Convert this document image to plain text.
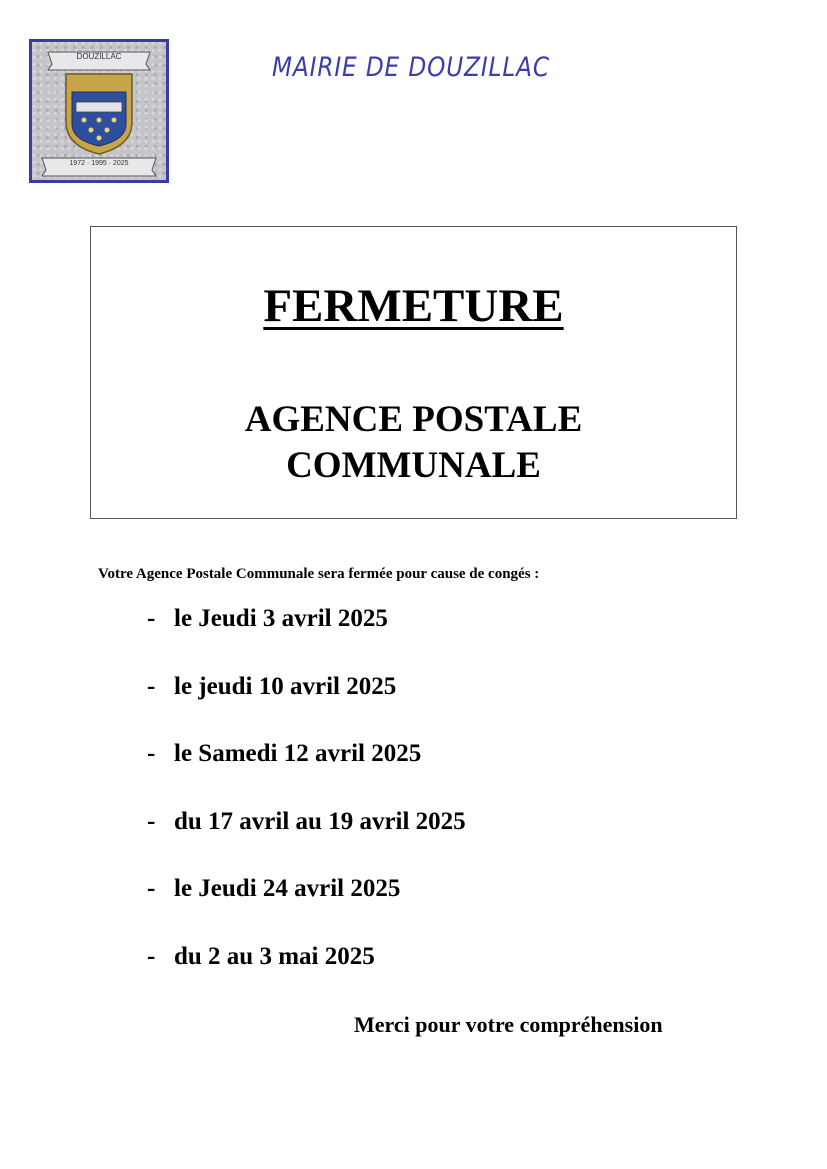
DOUZILLAC
1972 · 1995 · 2025
MAIRIE DE DOUZILLAC
FERMETURE
AGENCE POSTALE
COMMUNALE
Votre Agence Postale Communale sera fermée pour cause de congés :
- le Jeudi 3 avril 2025
- le jeudi 10 avril 2025
- le Samedi 12 avril 2025
- du 17 avril au 19 avril 2025
- le Jeudi 24 avril 2025
- du 2 au 3 mai 2025
Merci pour votre compréhension
